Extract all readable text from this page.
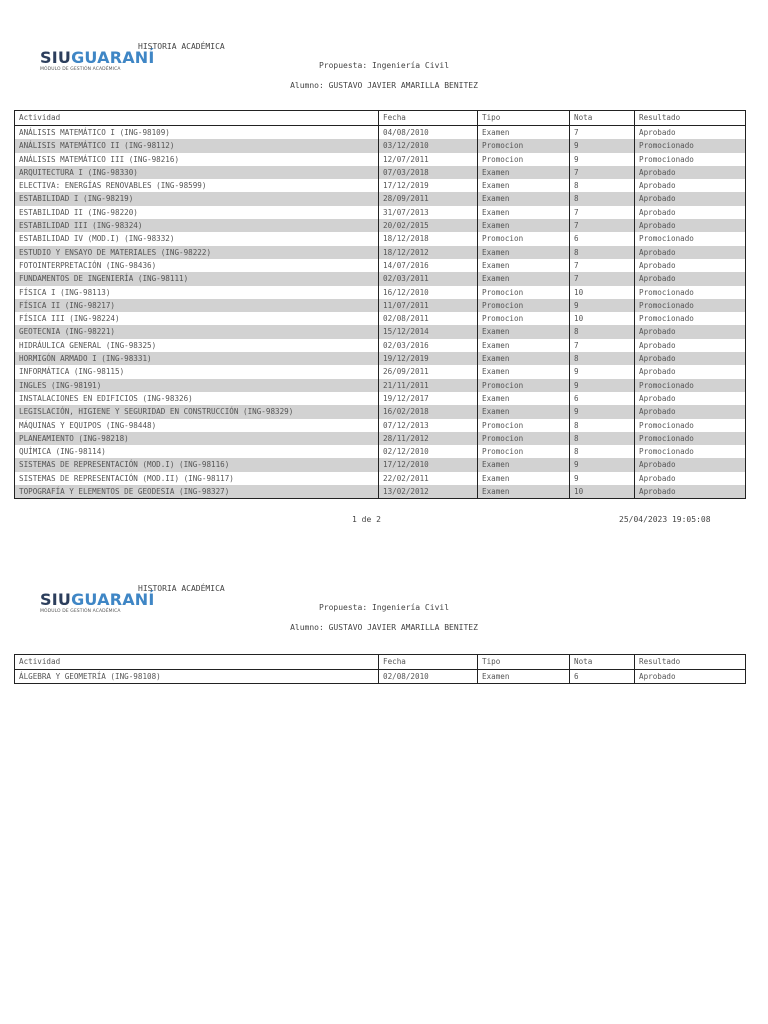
SIUGUARANÍ
MÓDULO DE GESTIÓN ACADÉMICA
HISTORIA ACADÉMICA
Propuesta: Ingeniería Civil
Alumno: GUSTAVO JAVIER AMARILLA BENITEZ
Actividad	Fecha	Tipo	Nota	Resultado
ANÁLISIS MATEMÁTICO I (ING-98109)	04/08/2010	Examen	7	Aprobado
ANÁLISIS MATEMÁTICO II (ING-98112)	03/12/2010	Promocion	9	Promocionado
ANÁLISIS MATEMÁTICO III (ING-98216)	12/07/2011	Promocion	9	Promocionado
ARQUITECTURA I (ING-98330)	07/03/2018	Examen	7	Aprobado
ELECTIVA: ENERGÍAS RENOVABLES (ING-98599)	17/12/2019	Examen	8	Aprobado
ESTABILIDAD I (ING-98219)	28/09/2011	Examen	8	Aprobado
ESTABILIDAD II (ING-98220)	31/07/2013	Examen	7	Aprobado
ESTABILIDAD III (ING-98324)	20/02/2015	Examen	7	Aprobado
ESTABILIDAD IV (MOD.I) (ING-98332)	18/12/2018	Promocion	6	Promocionado
ESTUDIO Y ENSAYO DE MATERIALES (ING-98222)	18/12/2012	Examen	8	Aprobado
FOTOINTERPRETACIÓN (ING-98436)	14/07/2016	Examen	7	Aprobado
FUNDAMENTOS DE INGENIERÍA (ING-98111)	02/03/2011	Examen	7	Aprobado
FÍSICA I (ING-98113)	16/12/2010	Promocion	10	Promocionado
FÍSICA II (ING-98217)	11/07/2011	Promocion	9	Promocionado
FÍSICA III (ING-98224)	02/08/2011	Promocion	10	Promocionado
GEOTECNIA (ING-98221)	15/12/2014	Examen	8	Aprobado
HIDRÁULICA GENERAL (ING-98325)	02/03/2016	Examen	7	Aprobado
HORMIGÓN ARMADO I (ING-98331)	19/12/2019	Examen	8	Aprobado
INFORMÁTICA (ING-98115)	26/09/2011	Examen	9	Aprobado
INGLES (ING-98191)	21/11/2011	Promocion	9	Promocionado
INSTALACIONES EN EDIFICIOS (ING-98326)	19/12/2017	Examen	6	Aprobado
LEGISLACIÓN, HIGIENE Y SEGURIDAD EN CONSTRUCCIÓN (ING-98329)	16/02/2018	Examen	9	Aprobado
MÁQUINAS Y EQUIPOS (ING-98448)	07/12/2013	Promocion	8	Promocionado
PLANEAMIENTO (ING-98218)	28/11/2012	Promocion	8	Promocionado
QUÍMICA (ING-98114)	02/12/2010	Promocion	8	Promocionado
SISTEMAS DE REPRESENTACIÓN (MOD.I) (ING-98116)	17/12/2010	Examen	9	Aprobado
SISTEMAS DE REPRESENTACIÓN (MOD.II) (ING-98117)	22/02/2011	Examen	9	Aprobado
TOPOGRAFÍA Y ELEMENTOS DE GEODESIA (ING-98327)	13/02/2012	Examen	10	Aprobado
1 de 2	25/04/2023 19:05:08
SIUGUARANÍ
MÓDULO DE GESTIÓN ACADÉMICA
HISTORIA ACADÉMICA
Propuesta: Ingeniería Civil
Alumno: GUSTAVO JAVIER AMARILLA BENITEZ
Actividad	Fecha	Tipo	Nota	Resultado
ÁLGEBRA Y GEOMETRÍA (ING-98108)	02/08/2010	Examen	6	Aprobado
